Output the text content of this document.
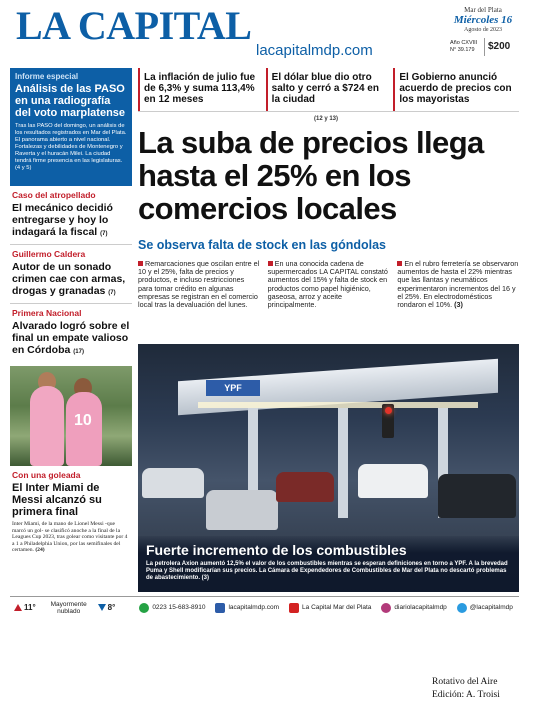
LA CAPITAL
lacapitalmdp.com
Mar del Plata
Miércoles 16
Agosto de 2023
Año CXVIII
N° 39.179	$200
Informe especial
Análisis de las PASO en una radiografía del voto marplatense
Tras las PASO del domingo, un análisis de los resultados registrados en Mar del Plata. El panorama abierto a nivel nacional. Fortalezas y debilidades de Montenegro y Raverta y el huracán Milei. La ciudad tendrá firme presencia en las legislaturas. (4 y 5)
Caso del atropellado
El mecánico decidió entregarse y hoy lo indagará la fiscal (7)
Guillermo Caldera
Autor de un sonado crimen cae con armas, drogas y granadas (7)
Primera Nacional
Alvarado logró sobre el final un empate valioso en Córdoba (17)
10
Con una goleada
El Inter Miami de Messi alcanzó su primera final
Inter Miami, de la mano de Lionel Messi -que marcó un gol- se clasificó anoche a la final de la Leagues Cup 2023, tras golear como visitante por 4 a 1 a Philadelphia Union, por las semifinales del certamen. (24)
La inflación de julio fue de 6,3% y suma 113,4% en 12 meses
El dólar blue dio otro salto y cerró a $724 en la ciudad
El Gobierno anunció acuerdo de precios con los mayoristas
(12 y 13)
La suba de precios llega hasta el 25% en los comercios locales
Se observa falta de stock en las góndolas
Remarcaciones que oscilan entre el 10 y el 25%, falta de precios y productos, e incluso restricciones para tomar crédito en algunas empresas se registran en el comercio local tras la devaluación del lunes.
En una conocida cadena de supermercados LA CAPITAL constató aumentos del 15% y falta de stock en productos como papel higiénico, gaseosa, arroz y aceite principalmente.
En el rubro ferretería se observaron aumentos de hasta el 22% mientras que las llantas y neumáticos experimentaron incrementos del 16 y el 25%. En electrodomésticos rondaron el 10%. (3)
YPF
Fuerte incremento de los combustibles
La petrolera Axion aumentó 12,5% el valor de los combustibles mientras se esperan definiciones en torno a YPF. A la brevedad Puma y Shell modificarían sus precios. La Cámara de Expendedores de Combustibles de Mar del Plata no descartó problemas de abastecimiento. (3)
11°	Mayormente nublado	8°	0223 15-683-8910	lacapitalmdp.com	La Capital Mar del Plata	diariolacapitalmdp	@lacapitalmdp
Rotativo del Aire
Edición: A. Troisi
